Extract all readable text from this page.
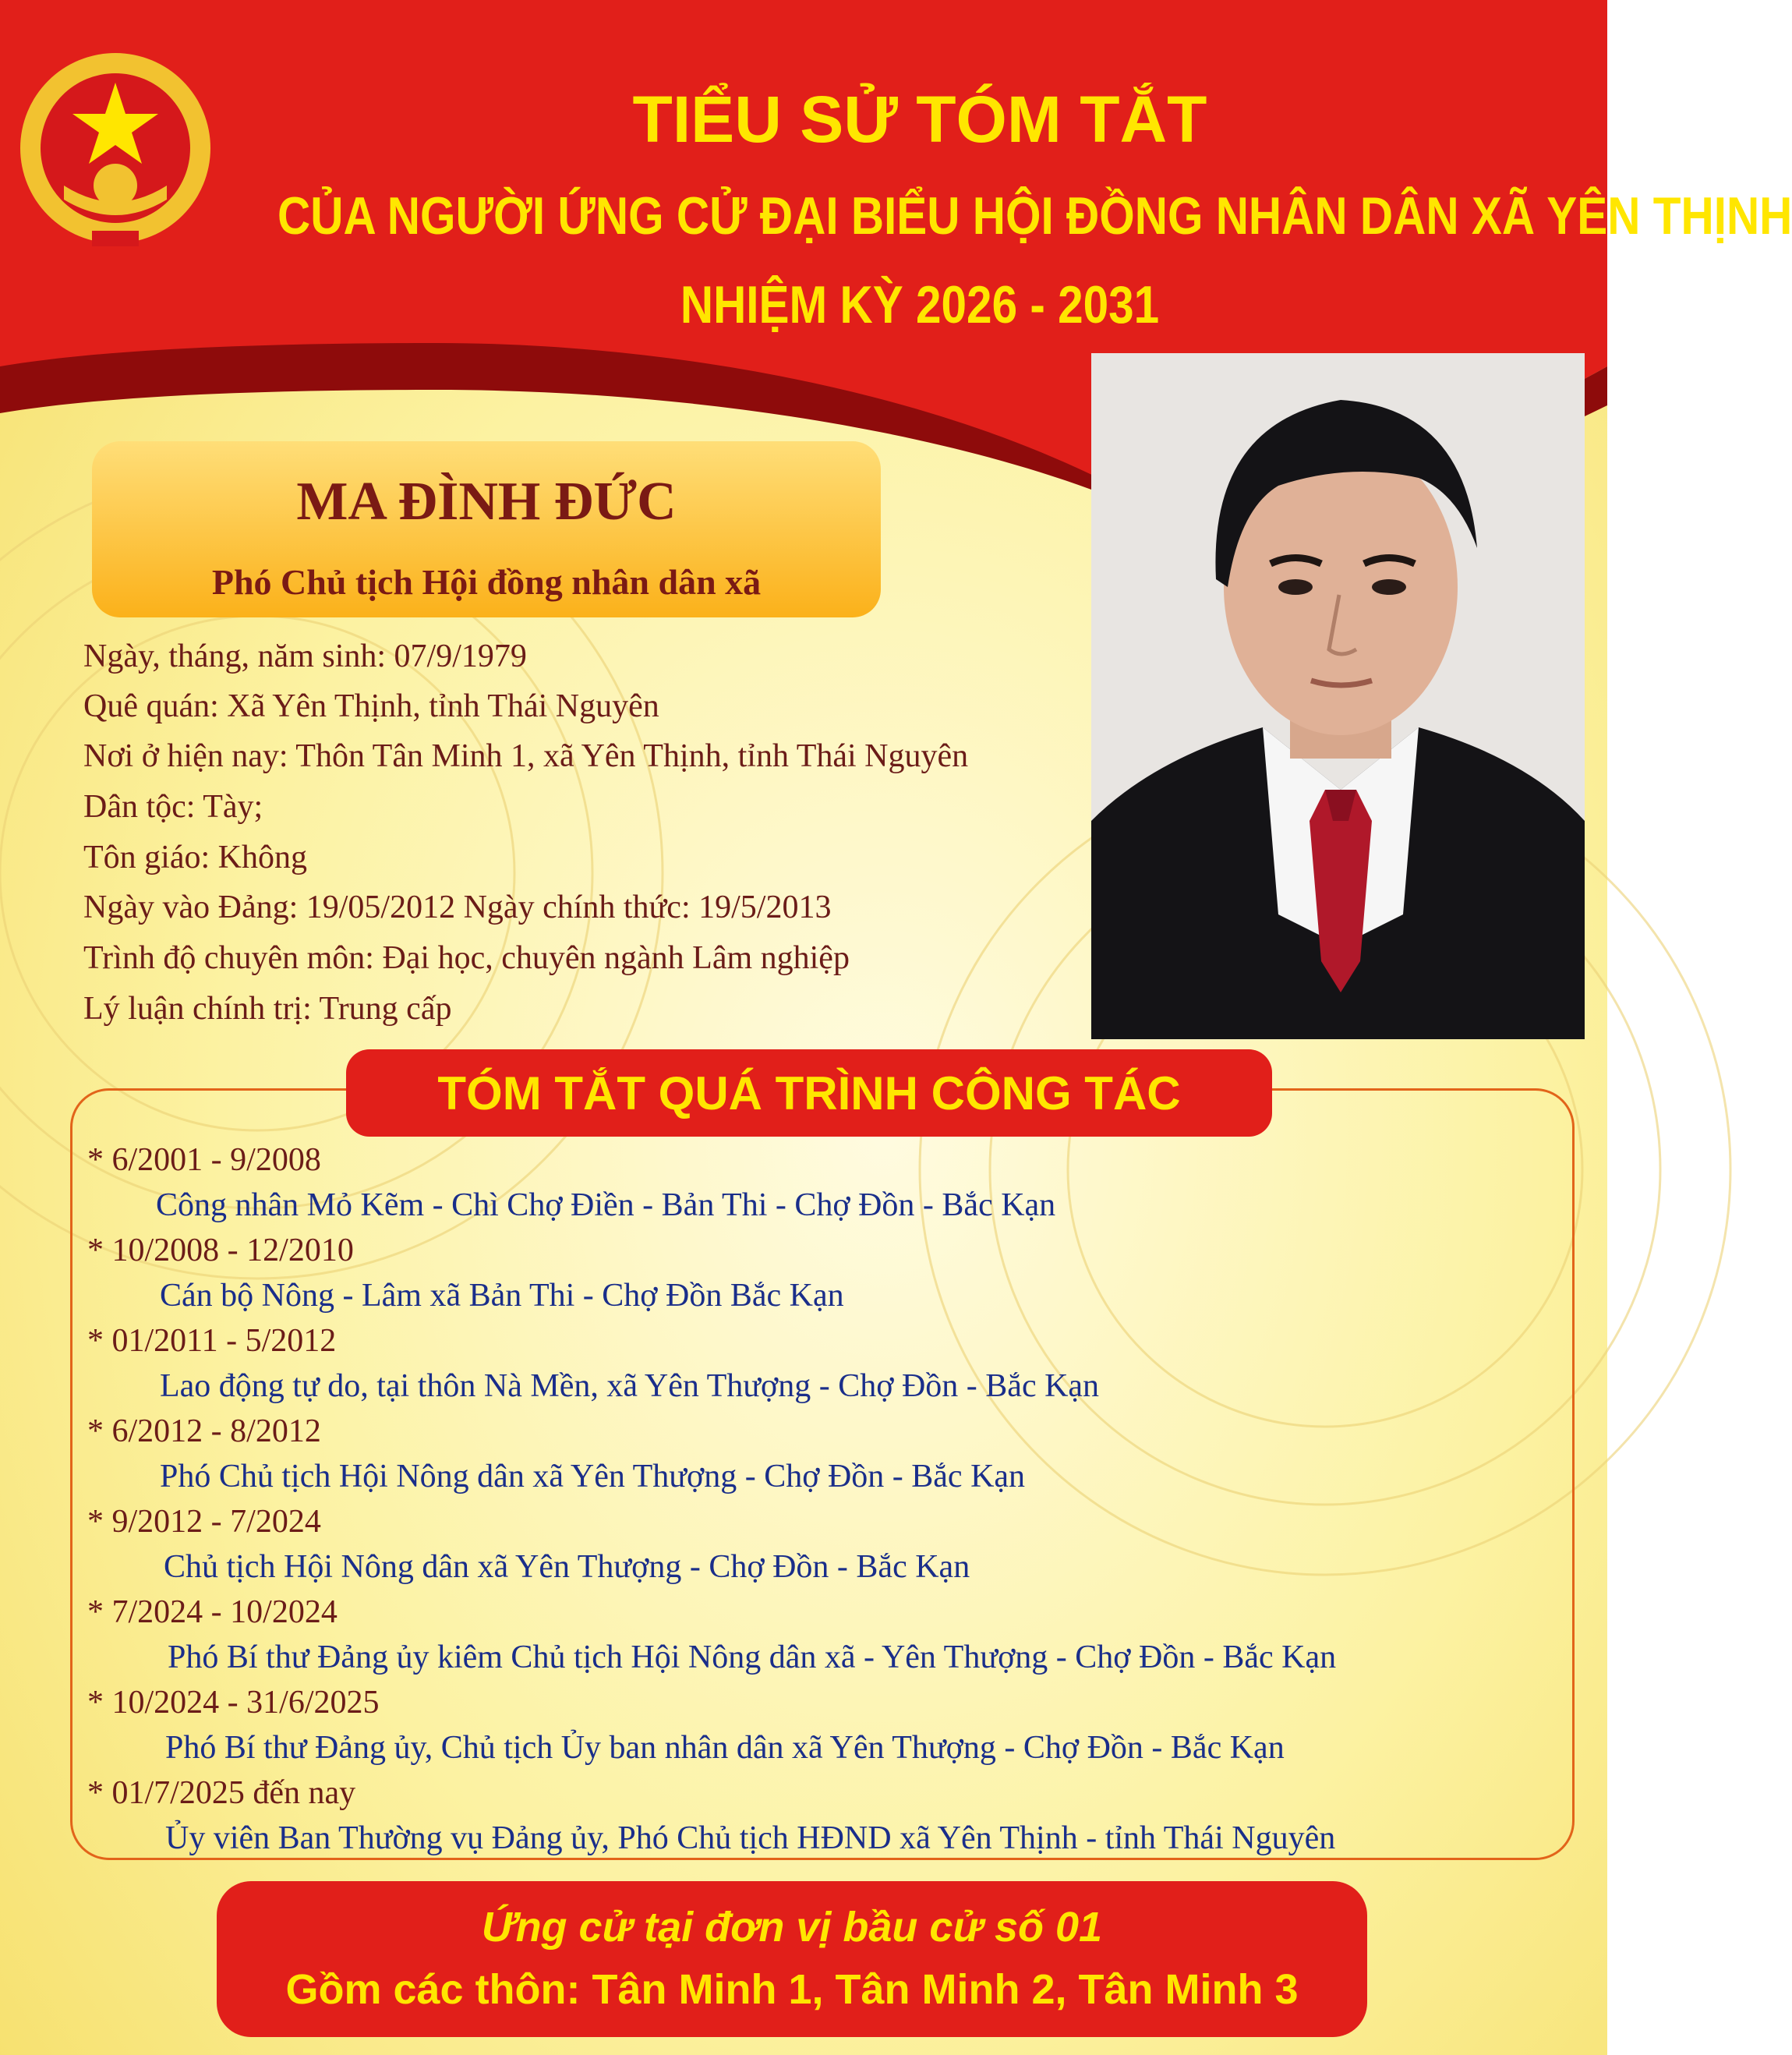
TIỂU SỬ TÓM TẮT
CỦA NGƯỜI ỨNG CỬ ĐẠI BIỂU HỘI ĐỒNG NHÂN DÂN XÃ YÊN THỊNH
NHIỆM KỲ 2026 - 2031
MA ĐÌNH ĐỨC
Phó Chủ tịch Hội đồng nhân dân xã
Ngày, tháng, năm sinh: 07/9/1979
Quê quán: Xã Yên Thịnh, tỉnh Thái Nguyên
Nơi ở hiện nay: Thôn Tân Minh 1, xã Yên Thịnh, tỉnh Thái Nguyên
Dân tộc: Tày;
Tôn giáo: Không
Ngày vào Đảng: 19/05/2012 Ngày chính thức: 19/5/2013
Trình độ chuyên môn: Đại học, chuyên ngành Lâm nghiệp
Lý luận chính trị: Trung cấp
TÓM TẮT QUÁ TRÌNH CÔNG TÁC
* 6/2001 - 9/2008
Công nhân Mỏ Kẽm - Chì Chợ Điền - Bản Thi - Chợ Đồn - Bắc Kạn
* 10/2008 - 12/2010
Cán bộ Nông - Lâm xã Bản Thi - Chợ Đồn Bắc Kạn
* 01/2011 - 5/2012
Lao động tự do, tại thôn Nà Mền, xã Yên Thượng - Chợ Đồn - Bắc Kạn
* 6/2012 - 8/2012
Phó Chủ tịch Hội Nông dân xã Yên Thượng - Chợ Đồn - Bắc Kạn
* 9/2012 - 7/2024
Chủ tịch Hội Nông dân xã Yên Thượng - Chợ Đồn - Bắc Kạn
* 7/2024 - 10/2024
Phó Bí thư Đảng ủy kiêm Chủ tịch Hội Nông dân xã - Yên Thượng - Chợ Đồn - Bắc Kạn
* 10/2024 - 31/6/2025
Phó Bí thư Đảng ủy, Chủ tịch Ủy ban nhân dân xã Yên Thượng - Chợ Đồn - Bắc Kạn
* 01/7/2025 đến nay
Ủy viên Ban Thường vụ Đảng ủy, Phó Chủ tịch HĐND xã Yên Thịnh - tỉnh Thái Nguyên
Ứng cử tại đơn vị bầu cử số 01
Gồm các thôn: Tân Minh 1, Tân Minh 2, Tân Minh 3
